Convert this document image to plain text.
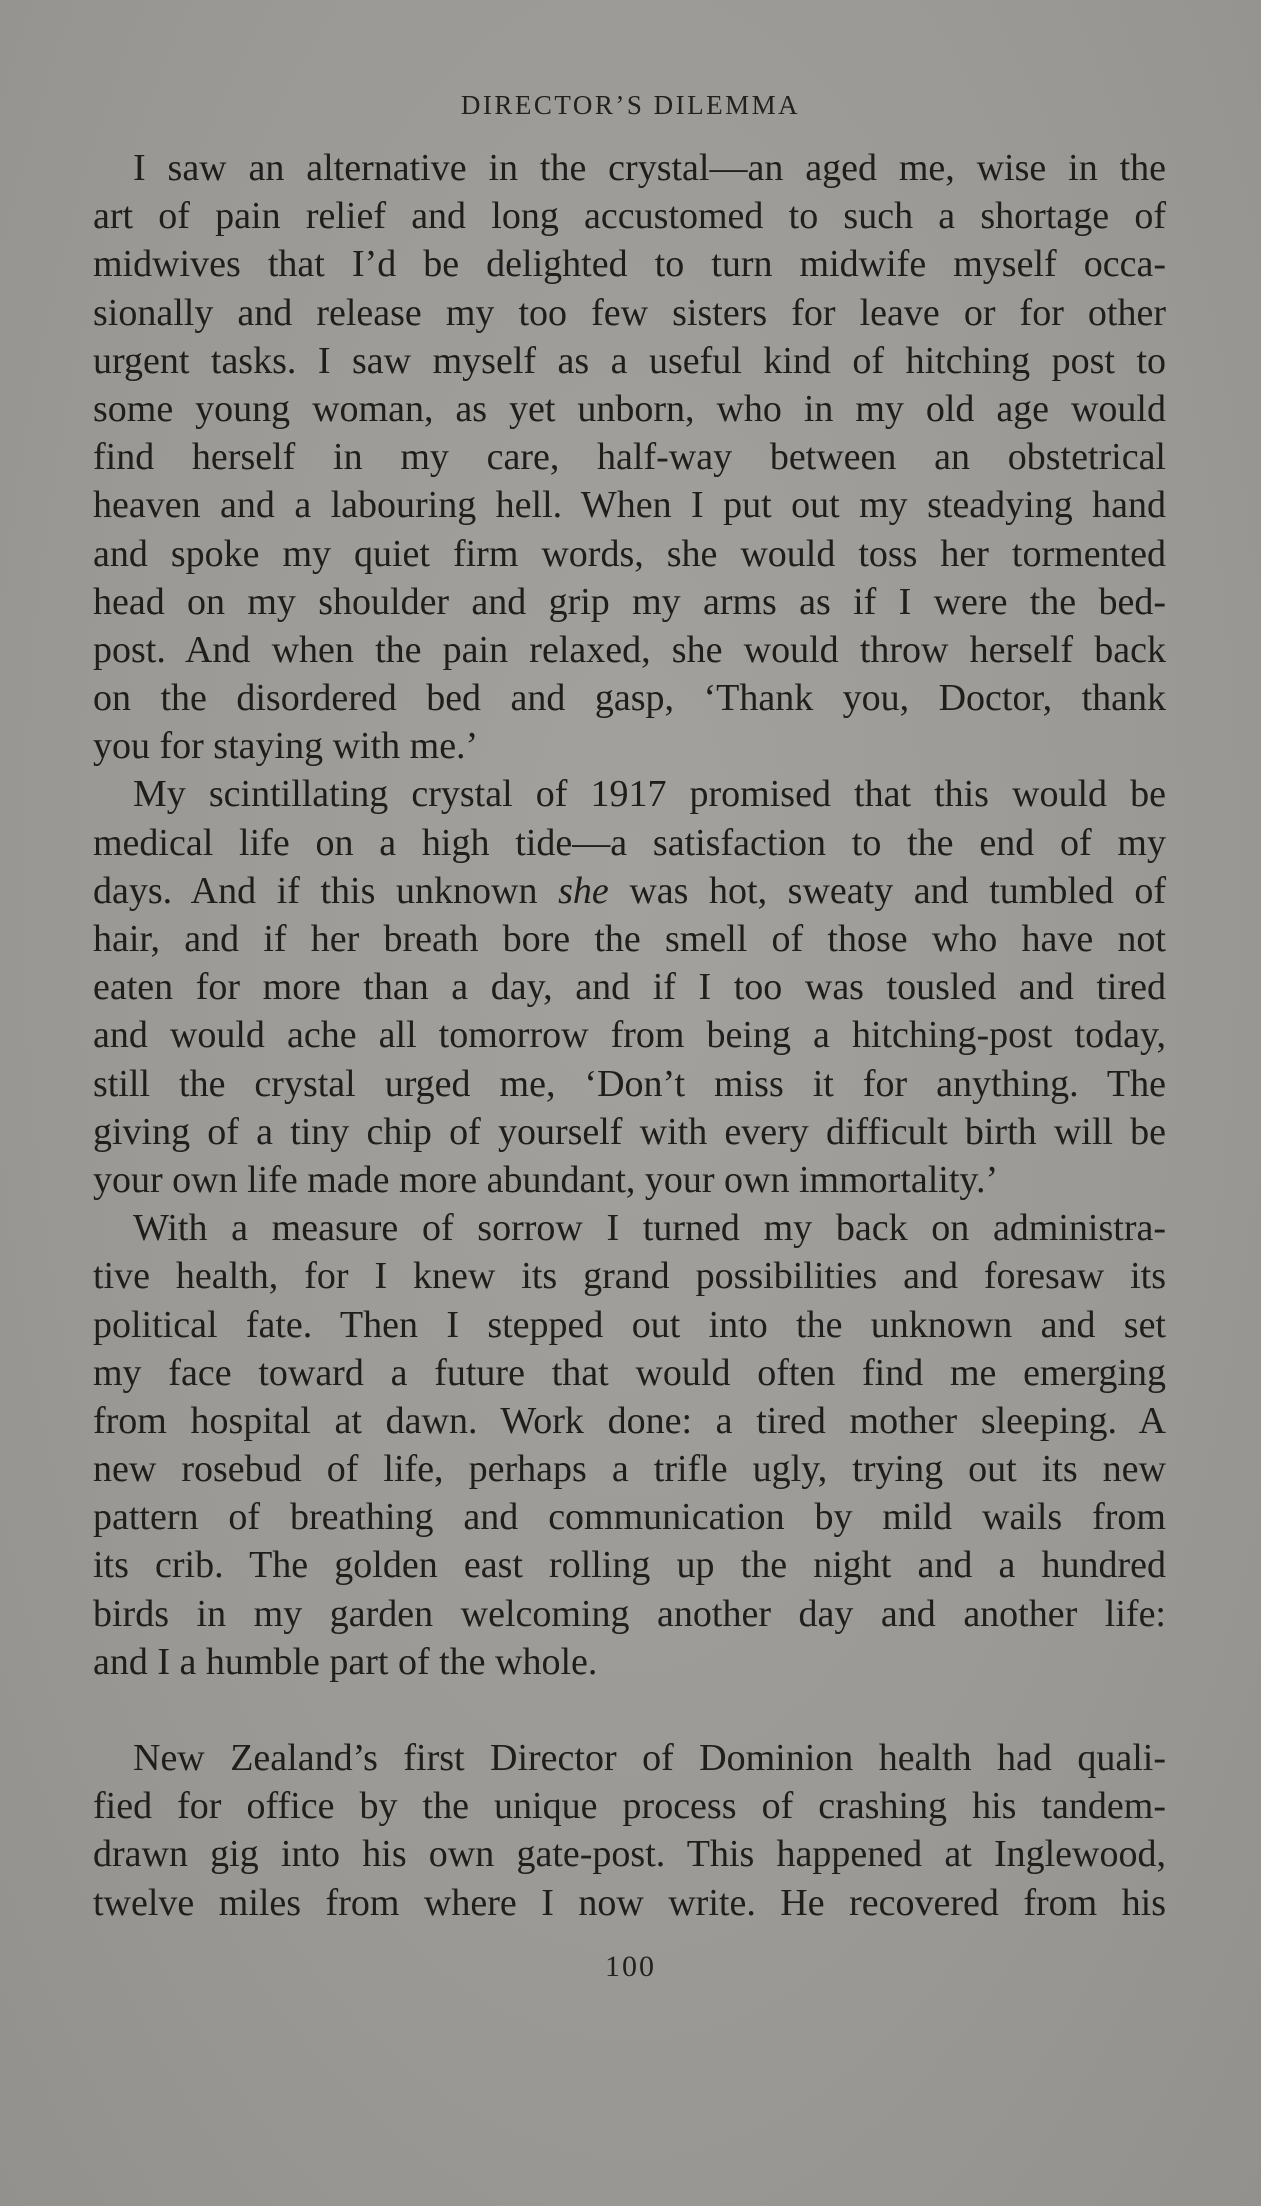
DIRECTOR’S DILEMMA
I saw an alternative in the crystal—an aged me, wise in the
art of pain relief and long accustomed to such a shortage of
midwives that I’d be delighted to turn midwife myself occa-
sionally and release my too few sisters for leave or for other
urgent tasks. I saw myself as a useful kind of hitching post to
some young woman, as yet unborn, who in my old age would
find herself in my care, half-way between an obstetrical
heaven and a labouring hell. When I put out my steadying hand
and spoke my quiet firm words, she would toss her tormented
head on my shoulder and grip my arms as if I were the bed-
post. And when the pain relaxed, she would throw herself back
on the disordered bed and gasp, ‘Thank you, Doctor, thank
you for staying with me.’
My scintillating crystal of 1917 promised that this would be
medical life on a high tide—a satisfaction to the end of my
days. And if this unknown she was hot, sweaty and tumbled of
hair, and if her breath bore the smell of those who have not
eaten for more than a day, and if I too was tousled and tired
and would ache all tomorrow from being a hitching-post today,
still the crystal urged me, ‘Don’t miss it for anything. The
giving of a tiny chip of yourself with every difficult birth will be
your own life made more abundant, your own immortality.’
With a measure of sorrow I turned my back on administra-
tive health, for I knew its grand possibilities and foresaw its
political fate. Then I stepped out into the unknown and set
my face toward a future that would often find me emerging
from hospital at dawn. Work done: a tired mother sleeping. A
new rosebud of life, perhaps a trifle ugly, trying out its new
pattern of breathing and communication by mild wails from
its crib. The golden east rolling up the night and a hundred
birds in my garden welcoming another day and another life:
and I a humble part of the whole.
New Zealand’s first Director of Dominion health had quali-
fied for office by the unique process of crashing his tandem-
drawn gig into his own gate-post. This happened at Inglewood,
twelve miles from where I now write. He recovered from his
100
